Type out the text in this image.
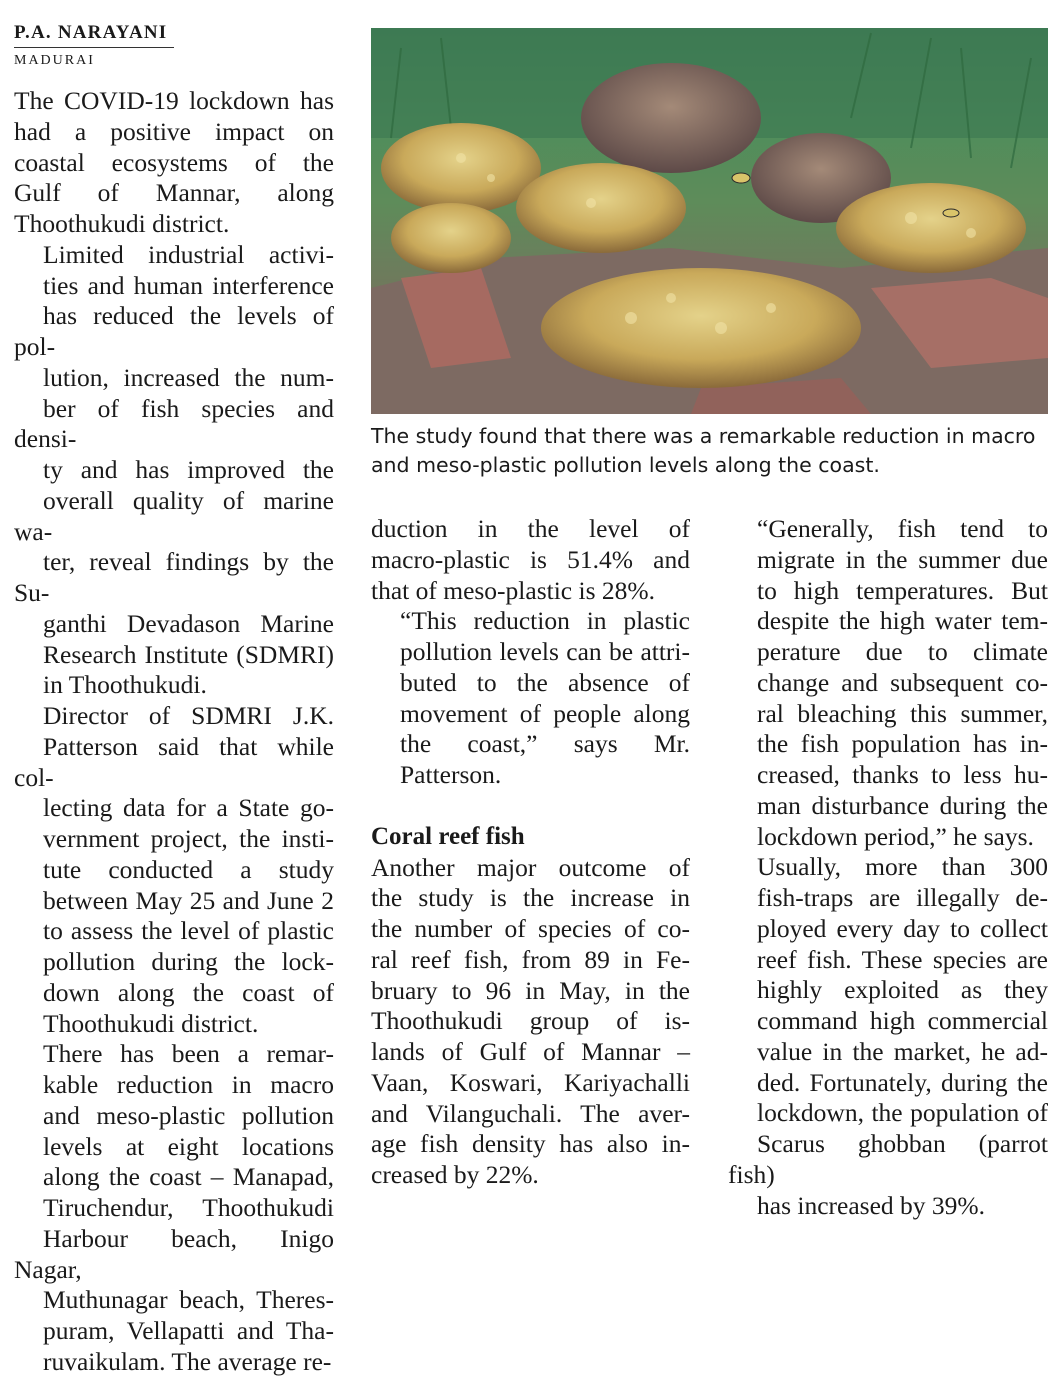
P.A. NARAYANI
MADURAI

The COVID-19 lockdown has
had a positive impact on
coastal ecosystems of the
Gulf of Mannar, along
Thoothukudi district.

Limited industrial activi-
ties and human interference
has reduced the levels of pol-
lution, increased the num-
ber of fish species and densi-
ty and has improved the
overall quality of marine wa-
ter, reveal findings by the Su-
ganthi Devadason Marine
Research Institute (SDMRI)
in Thoothukudi.

Director of SDMRI J.K.
Patterson said that while col-
lecting data for a State go-
vernment project, the insti-
tute conducted a study
between May 25 and June 2
to assess the level of plastic
pollution during the lock-
down along the coast of
Thoothukudi district.

There has been a remar-
kable reduction in macro
and meso-plastic pollution
levels at eight locations
along the coast – Manapad,
Tiruchendur, Thoothukudi
Harbour beach, Inigo Nagar,
Muthunagar beach, Theres-
puram, Vellapatti and Tha-
ruvaikulam. The average re-

The study found that there was a remarkable reduction in macro and meso-plastic pollution levels along the coast.

duction in the level of
macro-plastic is 51.4% and
that of meso-plastic is 28%.

“This reduction in plastic
pollution levels can be attri-
buted to the absence of
movement of people along
the coast,” says Mr.
Patterson.

Coral reef fish

Another major outcome of
the study is the increase in
the number of species of co-
ral reef fish, from 89 in Fe-
bruary to 96 in May, in the
Thoothukudi group of is-
lands of Gulf of Mannar –
Vaan, Koswari, Kariyachalli
and Vilanguchali. The aver-
age fish density has also in-
creased by 22%.

“Generally, fish tend to
migrate in the summer due
to high temperatures. But
despite the high water tem-
perature due to climate
change and subsequent co-
ral bleaching this summer,
the fish population has in-
creased, thanks to less hu-
man disturbance during the
lockdown period,” he says.

Usually, more than 300
fish-traps are illegally de-
ployed every day to collect
reef fish. These species are
highly exploited as they
command high commercial
value in the market, he ad-
ded. Fortunately, during the
lockdown, the population of
Scarus ghobban (parrot fish)
has increased by 39%.
